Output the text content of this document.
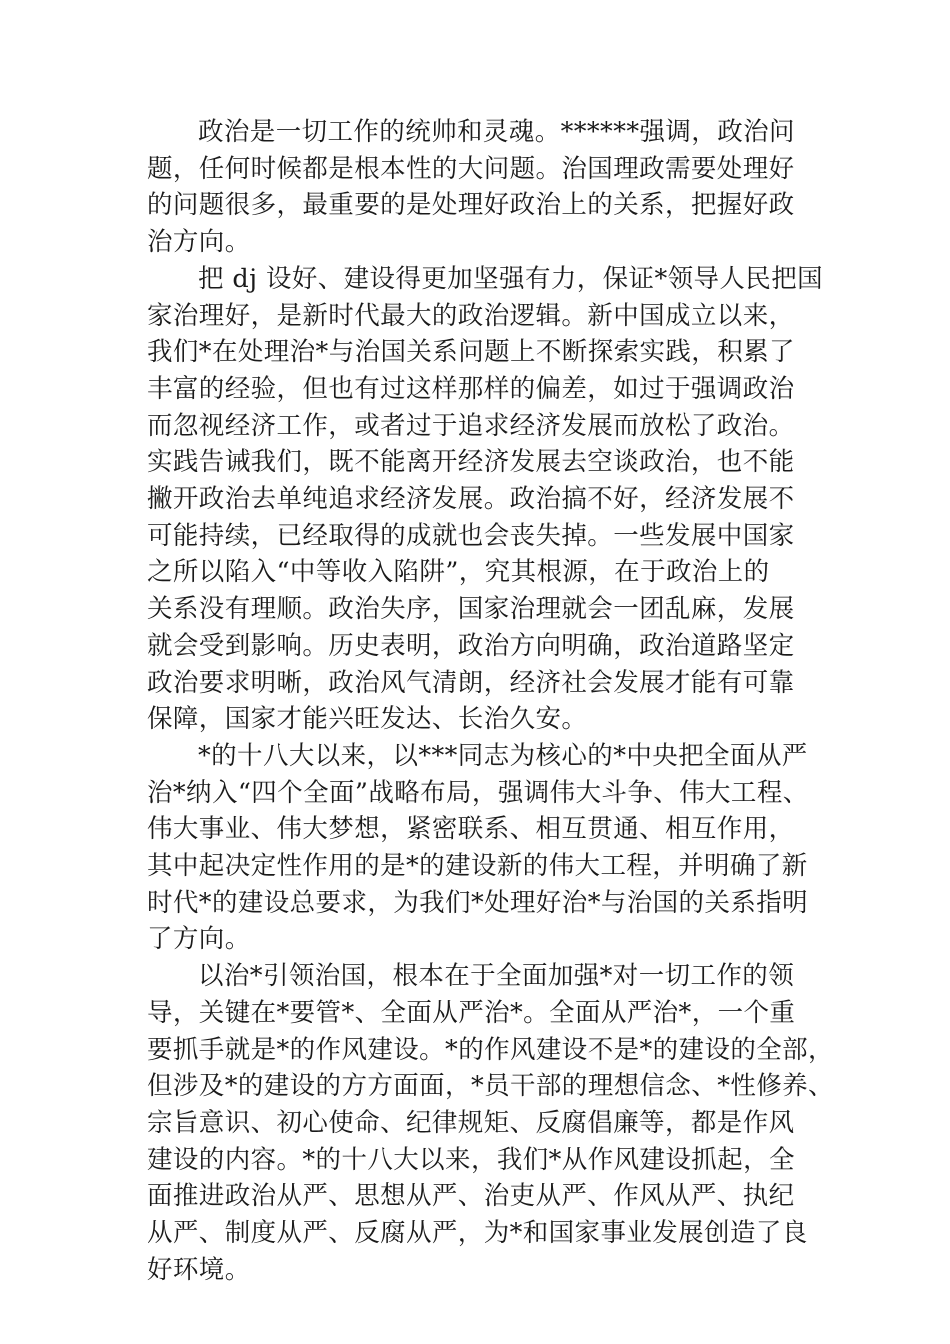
政治是一切工作的统帅和灵魂。******强调，政治问
题，任何时候都是根本性的大问题。治国理政需要处理好
的问题很多，最重要的是处理好政治上的关系，把握好政
治方向。

把 dj 设好、建设得更加坚强有力，保证*领导人民把国
家治理好，是新时代最大的政治逻辑。新中国成立以来，
我们*在处理治*与治国关系问题上不断探索实践，积累了
丰富的经验，但也有过这样那样的偏差，如过于强调政治
而忽视经济工作，或者过于追求经济发展而放松了政治。
实践告诫我们，既不能离开经济发展去空谈政治，也不能
撇开政治去单纯追求经济发展。政治搞不好，经济发展不
可能持续，已经取得的成就也会丧失掉。一些发展中国家
之所以陷入“中等收入陷阱”，究其根源，在于政治上的
关系没有理顺。政治失序，国家治理就会一团乱麻，发展
就会受到影响。历史表明，政治方向明确，政治道路坚定
政治要求明晰，政治风气清朗，经济社会发展才能有可靠
保障，国家才能兴旺发达、长治久安。

*的十八大以来，以***同志为核心的*中央把全面从严
治*纳入“四个全面”战略布局，强调伟大斗争、伟大工程、
伟大事业、伟大梦想，紧密联系、相互贯通、相互作用，
其中起决定性作用的是*的建设新的伟大工程，并明确了新
时代*的建设总要求，为我们*处理好治*与治国的关系指明
了方向。

以治*引领治国，根本在于全面加强*对一切工作的领
导，关键在*要管*、全面从严治*。全面从严治*，一个重
要抓手就是*的作风建设。*的作风建设不是*的建设的全部，
但涉及*的建设的方方面面，*员干部的理想信念、*性修养、
宗旨意识、初心使命、纪律规矩、反腐倡廉等，都是作风
建设的内容。*的十八大以来，我们*从作风建设抓起，全
面推进政治从严、思想从严、治吏从严、作风从严、执纪
从严、制度从严、反腐从严，为*和国家事业发展创造了良
好环境。
